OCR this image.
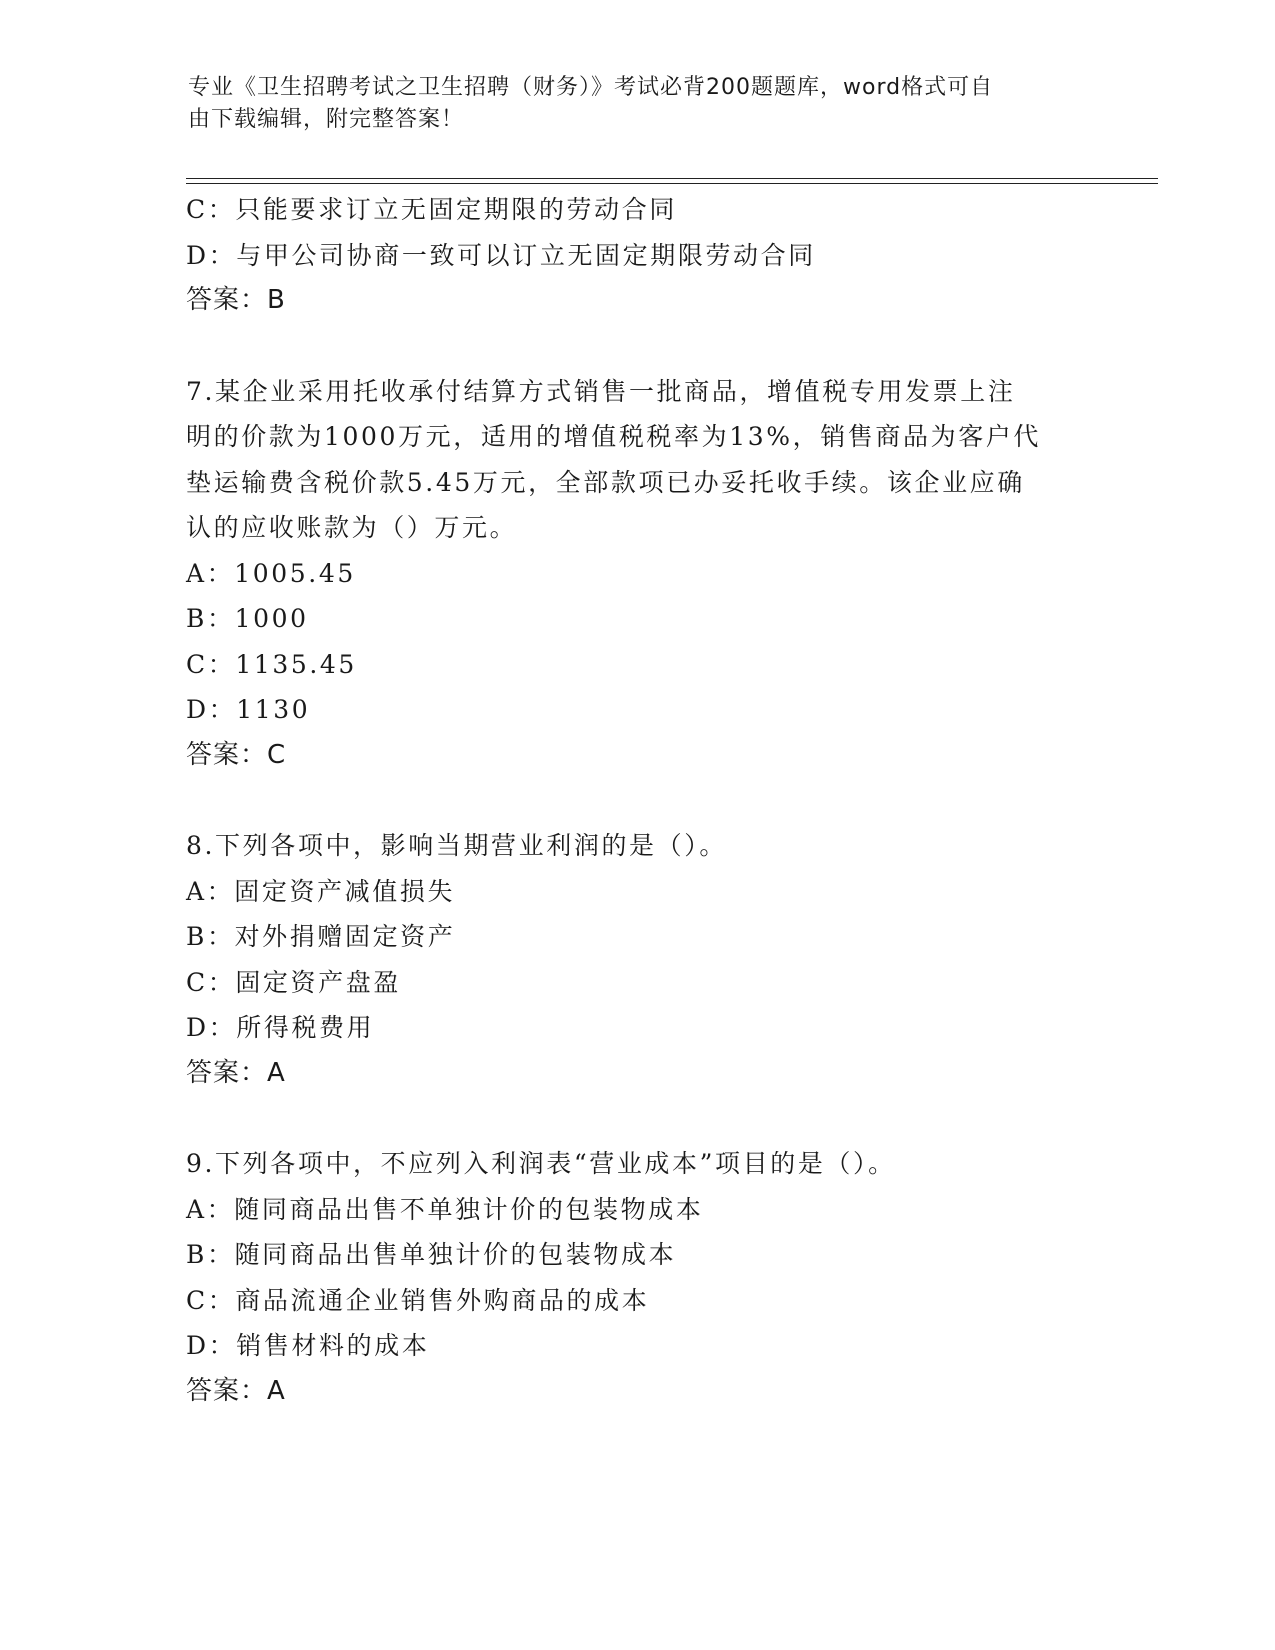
专业《卫生招聘考试之卫生招聘（财务）》考试必背200题题库，word格式可自
由下载编辑，附完整答案！
C：只能要求订立无固定期限的劳动合同
D：与甲公司协商一致可以订立无固定期限劳动合同
答案：B
7.某企业采用托收承付结算方式销售一批商品，增值税专用发票上注
明的价款为1000万元，适用的增值税税率为13%，销售商品为客户代
垫运输费含税价款5.45万元，全部款项已办妥托收手续。该企业应确
认的应收账款为（）万元。
A：1005.45
B：1000
C：1135.45
D：1130
答案：C
8.下列各项中，影响当期营业利润的是（）。
A：固定资产减值损失
B：对外捐赠固定资产
C：固定资产盘盈
D：所得税费用
答案：A
9.下列各项中，不应列入利润表“营业成本”项目的是（）。
A：随同商品出售不单独计价的包装物成本
B：随同商品出售单独计价的包装物成本
C：商品流通企业销售外购商品的成本
D：销售材料的成本
答案：A
